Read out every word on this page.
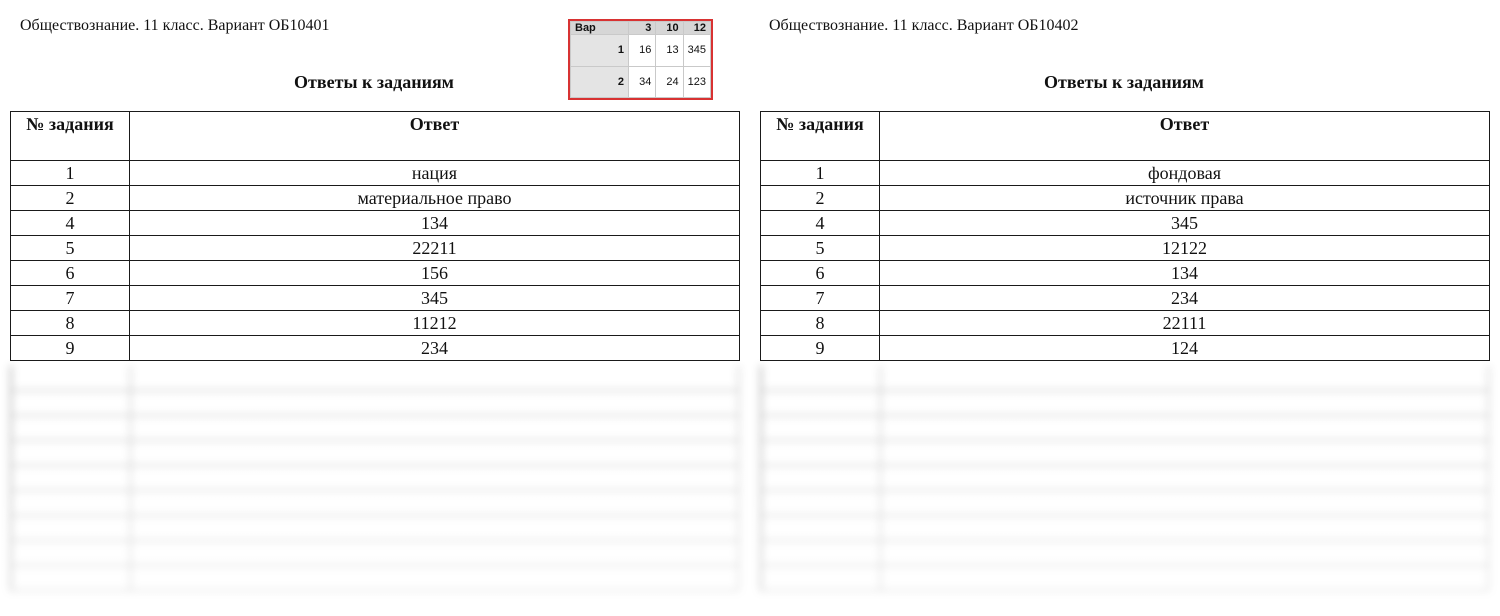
Обществознание. 11 класс. Вариант ОБ10401
Ответы к заданиям
№ задания	Ответ
1	нация
2	материальное право
4	134
5	22211
6	156
7	345
8	11212
9	234
Обществознание. 11 класс. Вариант ОБ10402
Ответы к заданиям
№ задания	Ответ
1	фондовая
2	источник права
4	345
5	12122
6	134
7	234
8	22111
9	124
Вар	3	10	12
1	16	13	345
2	34	24	123
